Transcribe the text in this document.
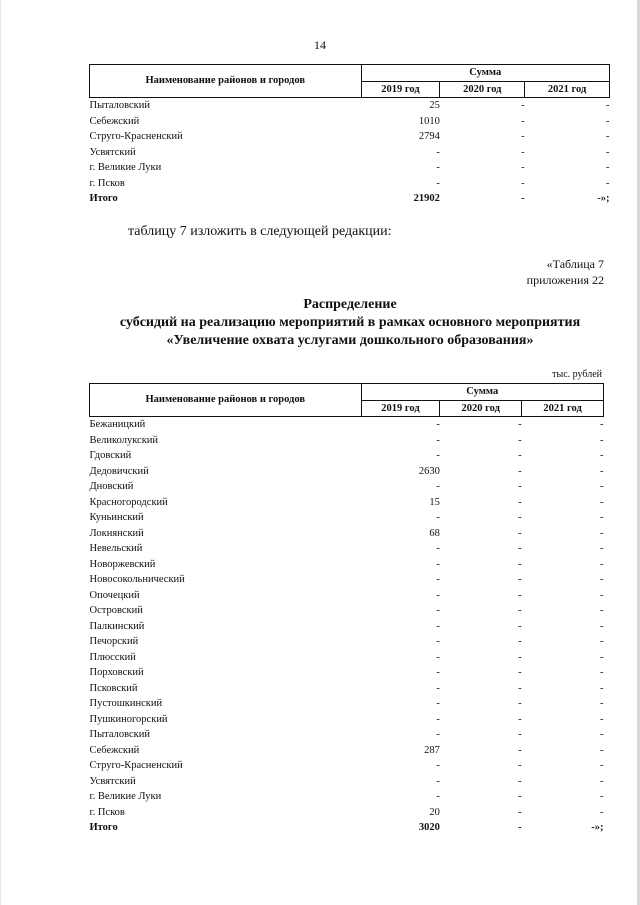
14
Наименование районов и городов	Сумма		
	2019 год	2020 год	2021 год
Пыталовский	25	-	-
Себежский	1010	-	-
Струго-Красненский	2794	-	-
Усвятский	-	-	-
г. Великие Луки	-	-	-
г. Псков	-	-	-
Итого	21902	-	-»;
таблицу 7 изложить в следующей редакции:
«Таблица 7
приложения 22
Распределение
субсидий на реализацию мероприятий в рамках основного мероприятия
«Увеличение охвата услугами дошкольного образования»
тыс. рублей
Наименование районов и городов	Сумма		
	2019 год	2020 год	2021 год
Бежаницкий	-	-	-
Великолукский	-	-	-
Гдовский	-	-	-
Дедовичский	2630	-	-
Дновский	-	-	-
Красногородский	15	-	-
Куньинский	-	-	-
Локнянский	68	-	-
Невельский	-	-	-
Новоржевский	-	-	-
Новосокольнический	-	-	-
Опочецкий	-	-	-
Островский	-	-	-
Палкинский	-	-	-
Печорский	-	-	-
Плюсский	-	-	-
Порховский	-	-	-
Псковский	-	-	-
Пустошкинский	-	-	-
Пушкиногорский	-	-	-
Пыталовский	-	-	-
Себежский	287	-	-
Струго-Красненский	-	-	-
Усвятский	-	-	-
г. Великие Луки	-	-	-
г. Псков	20	-	-
Итого	3020	-	-»;
